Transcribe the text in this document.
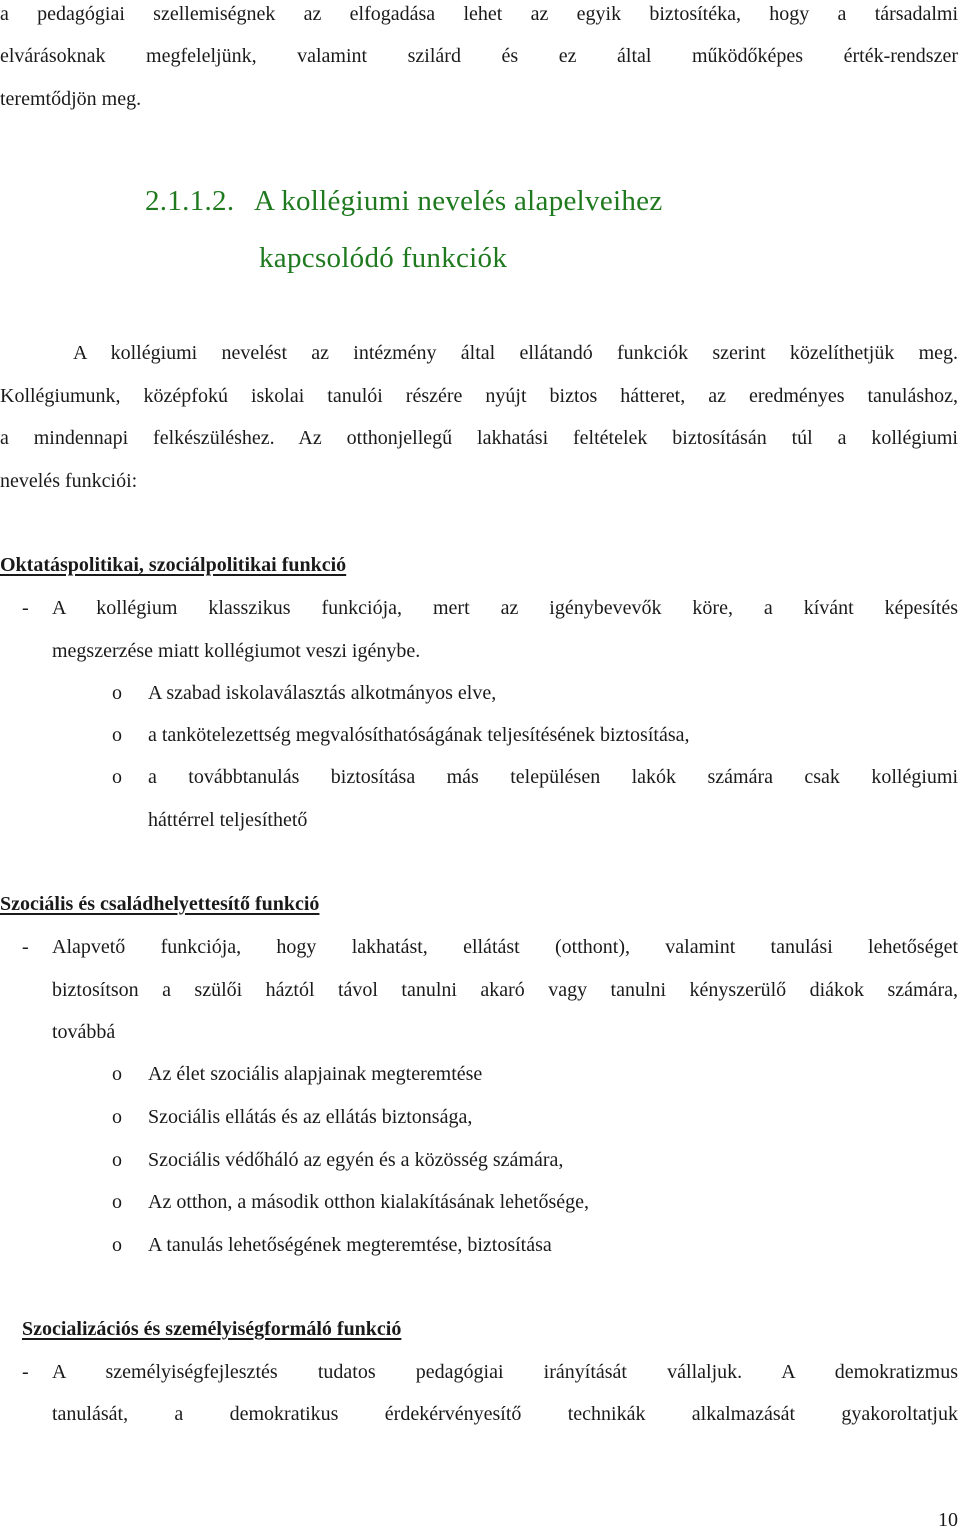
a pedagógiai szellemiségnek az elfogadása lehet az egyik biztosítéka, hogy a társadalmi
elvárásoknak megfeleljünk, valamint szilárd és ez által működőképes érték-rendszer
teremtődjön meg.
2.1.1.2. A kollégiumi nevelés alapelveihez
kapcsolódó funkciók
A kollégiumi nevelést az intézmény által ellátandó funkciók szerint közelíthetjük meg.
Kollégiumunk, középfokú iskolai tanulói részére nyújt biztos hátteret, az eredményes tanuláshoz,
a mindennapi felkészüléshez. Az otthonjellegű lakhatási feltételek biztosításán túl a kollégiumi
nevelés funkciói:
Oktatáspolitikai, szociálpolitikai funkció
- A kollégium klasszikus funkciója, mert az igénybevevők köre, a kívánt képesítés
megszerzése miatt kollégiumot veszi igénybe.
o A szabad iskolaválasztás alkotmányos elve,
o a tankötelezettség megvalósíthatóságának teljesítésének biztosítása,
o a továbbtanulás biztosítása más településen lakók számára csak kollégiumi
háttérrel teljesíthető
Szociális és családhelyettesítő funkció
- Alapvető funkciója, hogy lakhatást, ellátást (otthont), valamint tanulási lehetőséget
biztosítson a szülői háztól távol tanulni akaró vagy tanulni kényszerülő diákok számára,
továbbá
o Az élet szociális alapjainak megteremtése
o Szociális ellátás és az ellátás biztonsága,
o Szociális védőháló az egyén és a közösség számára,
o Az otthon, a második otthon kialakításának lehetősége,
o A tanulás lehetőségének megteremtése, biztosítása
Szocializációs és személyiségformáló funkció
- A személyiségfejlesztés tudatos pedagógiai irányítását vállaljuk. A demokratizmus
tanulását, a demokratikus érdekérvényesítő technikák alkalmazását gyakoroltatjuk
10
